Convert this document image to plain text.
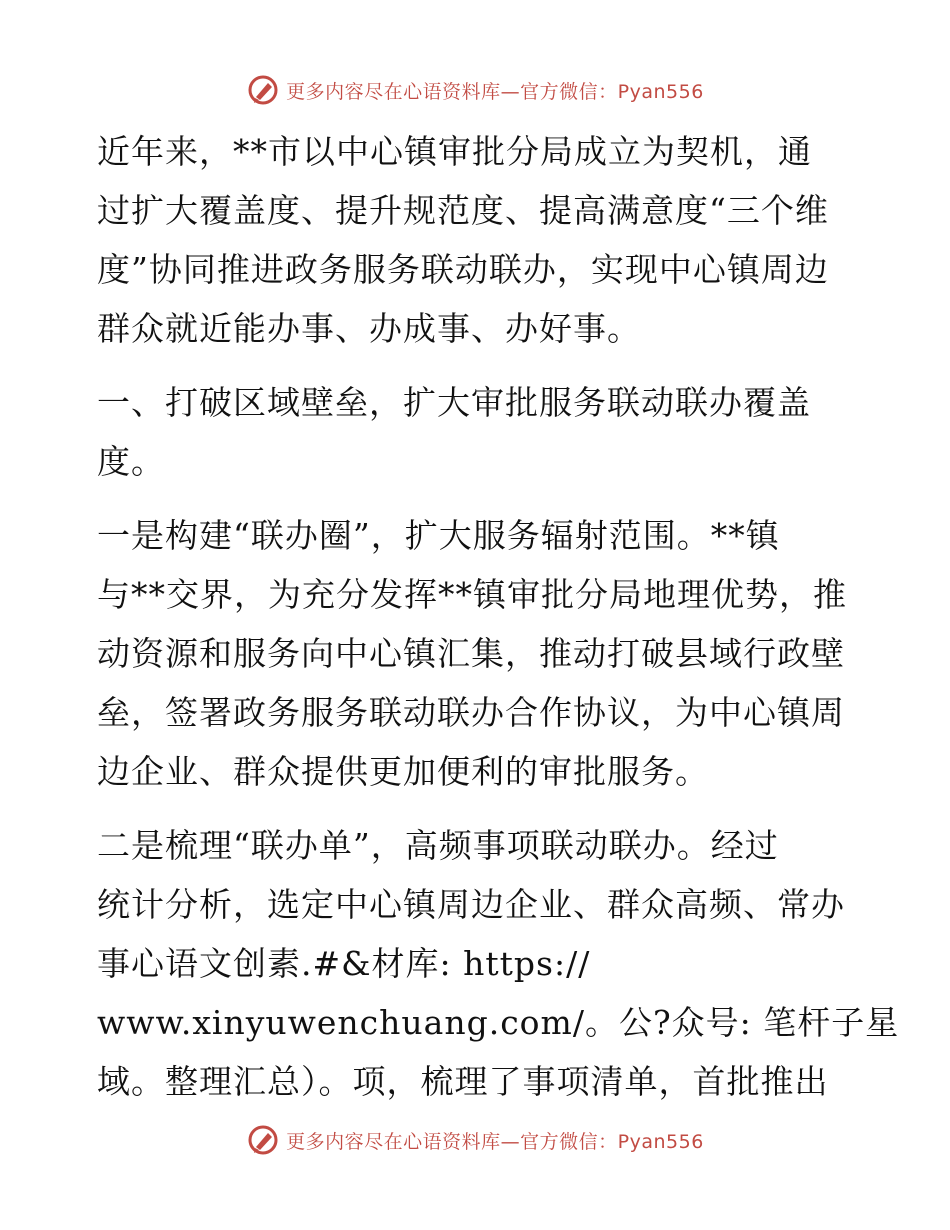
更多内容尽在心语资料库—官方微信：Pyan556

近年来，**市以中心镇审批分局成立为契机，通
过扩大覆盖度、提升规范度、提高满意度“三个维
度”协同推进政务服务联动联办，实现中心镇周边
群众就近能办事、办成事、办好事。

一、打破区域壁垒，扩大审批服务联动联办覆盖
度。

一是构建“联办圈”，扩大服务辐射范围。**镇
与**交界，为充分发挥**镇审批分局地理优势，推
动资源和服务向中心镇汇集，推动打破县域行政壁
垒，签署政务服务联动联办合作协议，为中心镇周
边企业、群众提供更加便利的审批服务。

二是梳理“联办单”，高频事项联动联办。经过
统计分析，选定中心镇周边企业、群众高频、常办
事心语文创素.#&材库: https://
www.xinyuwenchuang.com/。公?众号: 笔杆子星
域。整理汇总）。项，梳理了事项清单，首批推出

更多内容尽在心语资料库—官方微信：Pyan556
